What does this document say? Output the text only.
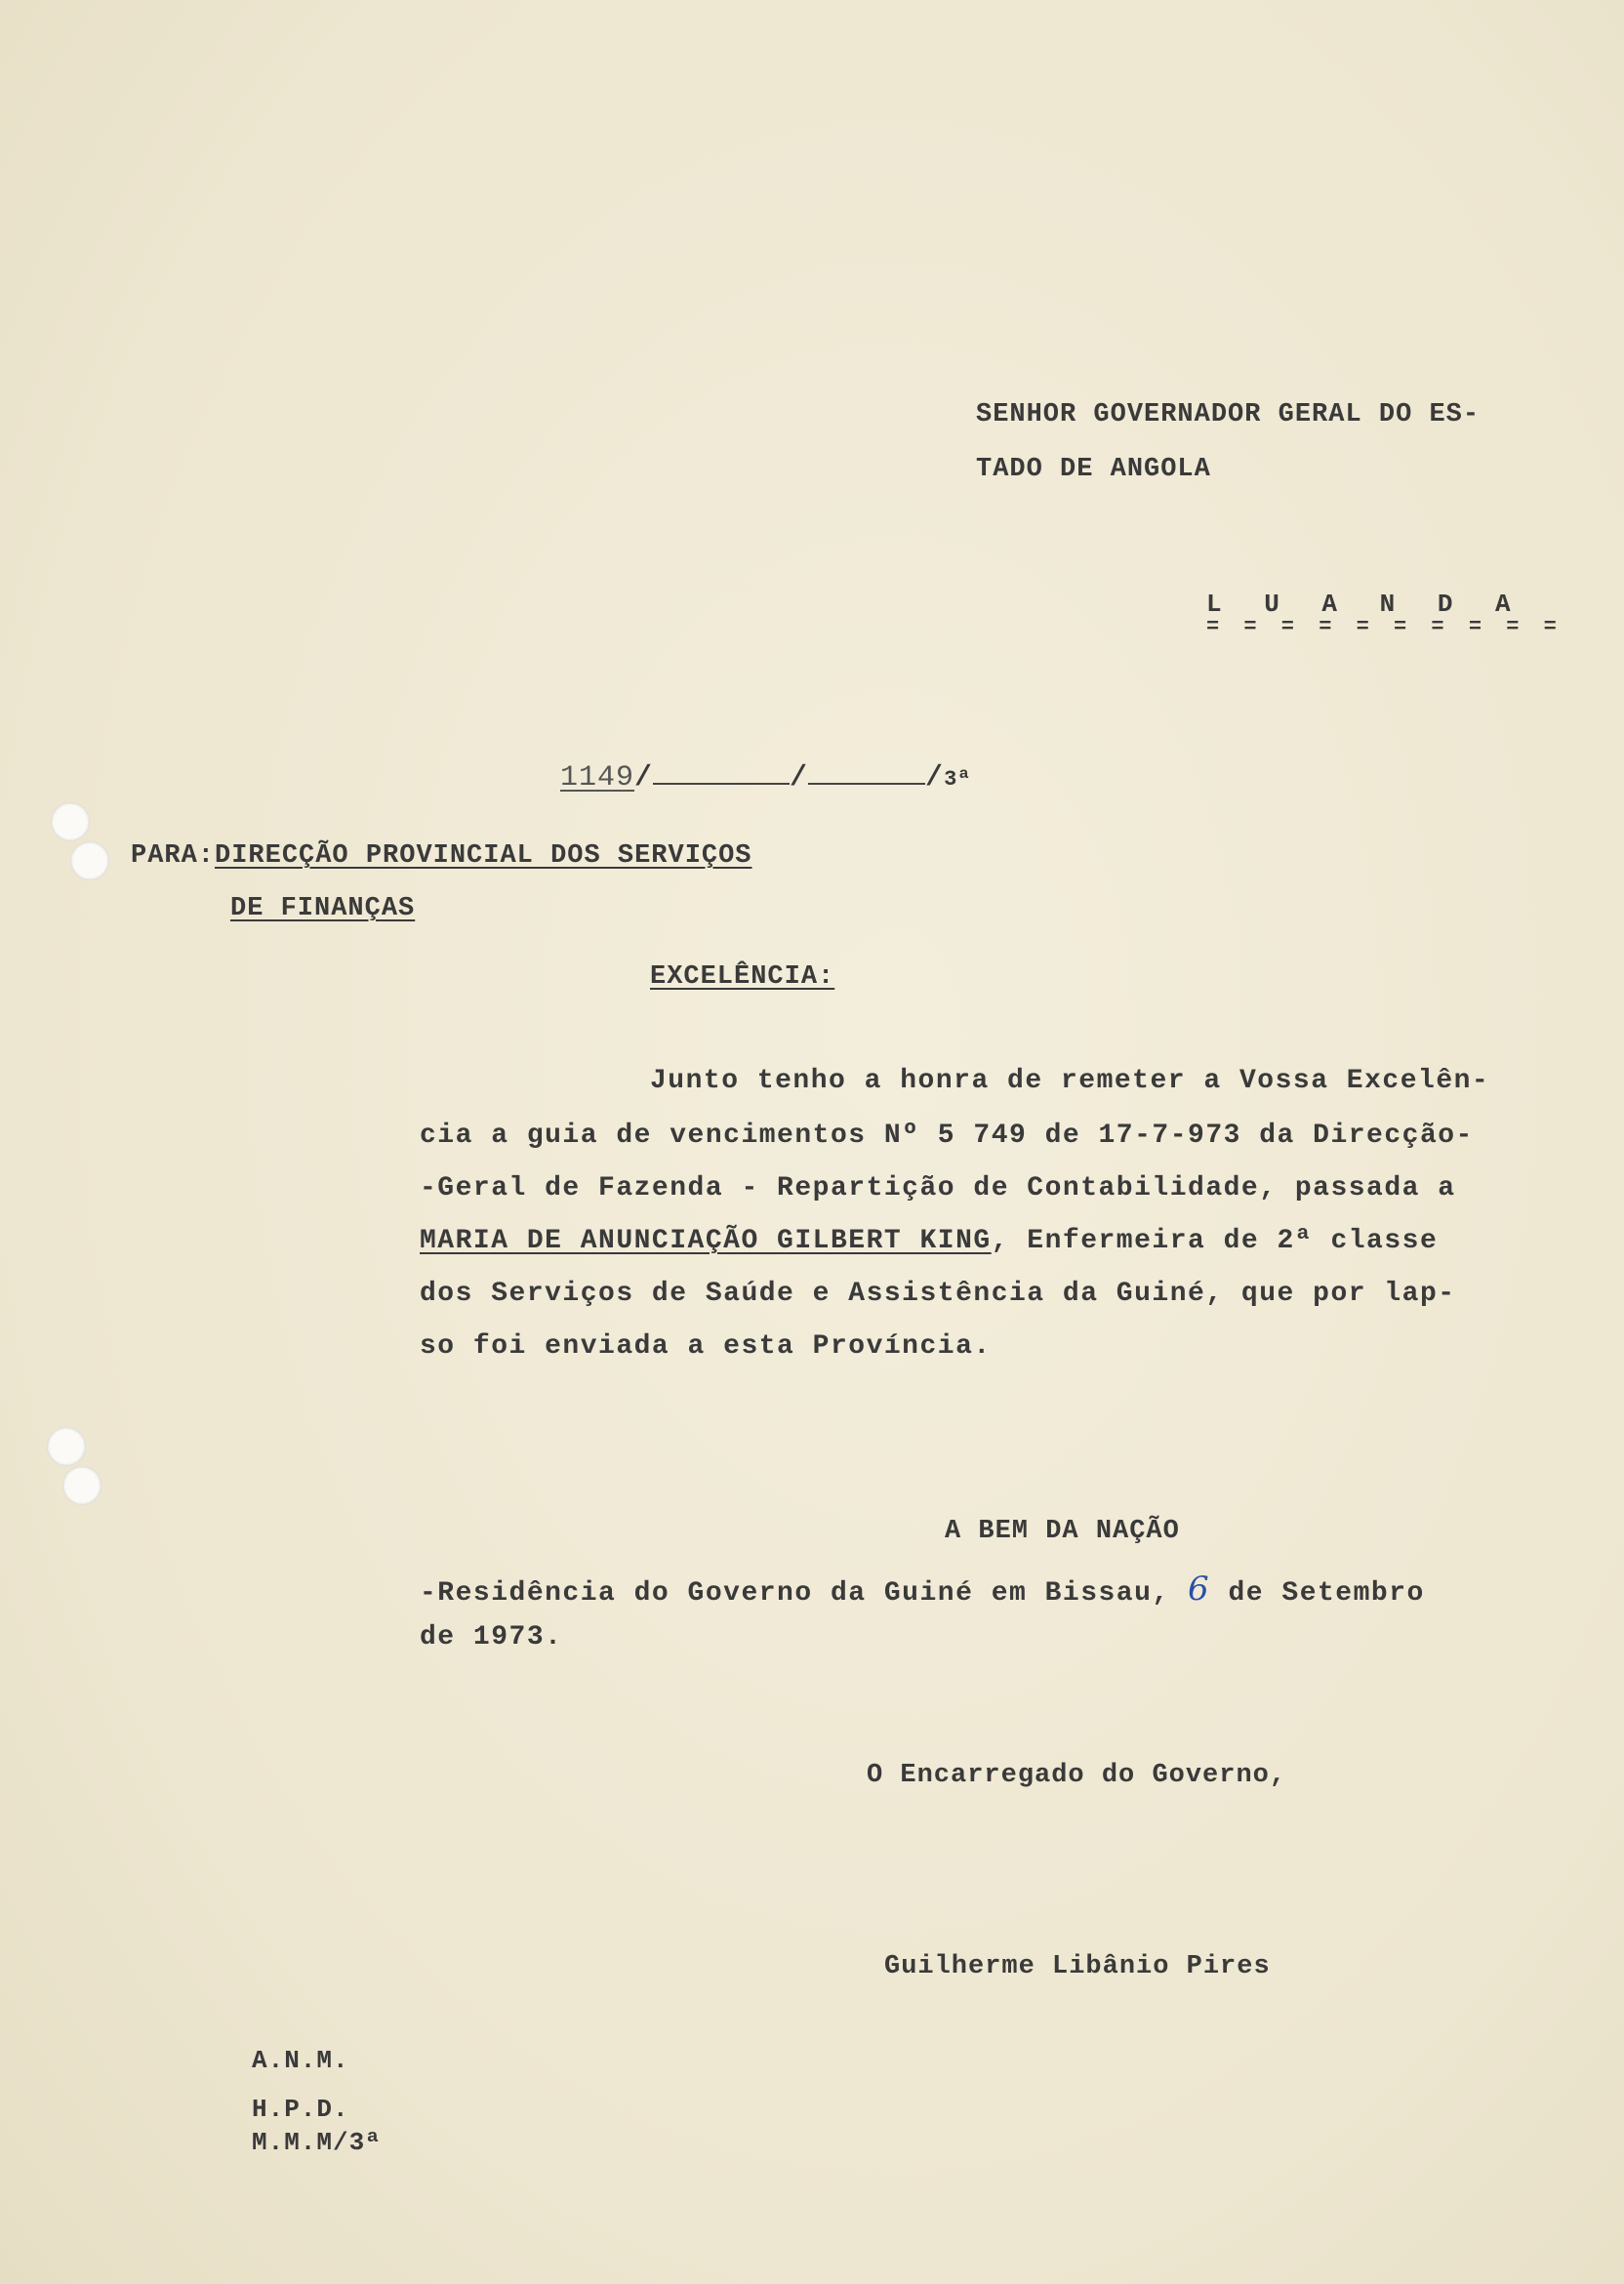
SENHOR GOVERNADOR GERAL DO ES-
TADO DE ANGOLA
L U A N D A
= = = = = = = = = =
1149/	/	/3ª
PARA:DIRECÇÃO PROVINCIAL DOS SERVIÇOS
DE FINANÇAS
EXCELÊNCIA:
Junto tenho a honra de remeter a Vossa Excelên-
cia a guia de vencimentos Nº 5 749 de 17-7-973 da Direcção-
-Geral de Fazenda - Repartição de Contabilidade, passada a
MARIA DE ANUNCIAÇÃO GILBERT KING, Enfermeira de 2ª classe
dos Serviços de Saúde e Assistência da Guiné, que por lap-
so foi enviada a esta Província.
A BEM DA NAÇÃO
-Residência do Governo da Guiné em Bissau, 6 de Setembro
de 1973.
O Encarregado do Governo,
Guilherme Libânio Pires
A.N.M.
H.P.D.
M.M.M/3ª
